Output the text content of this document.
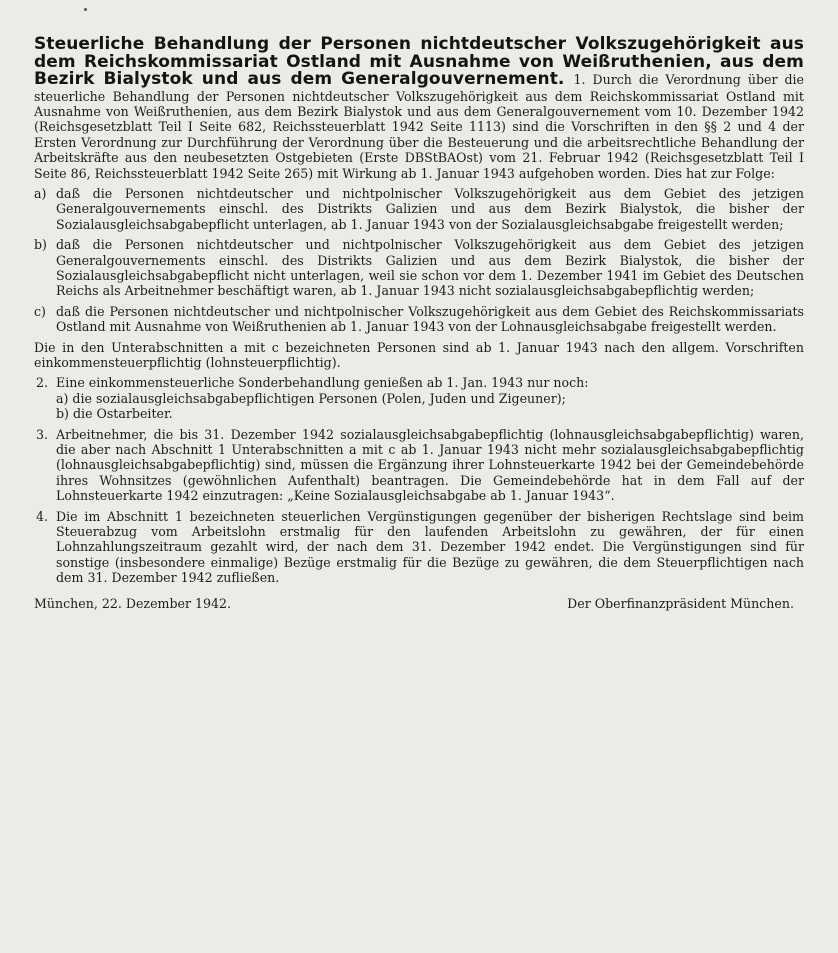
Steuerliche Behandlung der Personen nichtdeutscher Volkszugehörigkeit aus dem Reichskommissariat Ostland mit Ausnahme von Weißruthenien, aus dem Bezirk Bialystok und aus dem Generalgouvernement. 1. Durch die Verordnung über die steuerliche Behandlung der Personen nichtdeutscher Volkszugehörigkeit aus dem Reichskommissariat Ostland mit Ausnahme von Weißruthenien, aus dem Bezirk Bialystok und aus dem Generalgouvernement vom 10. Dezember 1942 (Reichsgesetzblatt Teil I Seite 682, Reichssteuerblatt 1942 Seite 1113) sind die Vorschriften in den §§ 2 und 4 der Ersten Verordnung zur Durchführung der Verordnung über die Besteuerung und die arbeitsrechtliche Behandlung der Arbeitskräfte aus den neubesetzten Ostgebieten (Erste DBStBAOst) vom 21. Februar 1942 (Reichsgesetzblatt Teil I Seite 86, Reichssteuerblatt 1942 Seite 265) mit Wirkung ab 1. Januar 1943 aufgehoben worden. Dies hat zur Folge:

a) daß die Personen nichtdeutscher und nichtpolnischer Volkszugehörigkeit aus dem Gebiet des jetzigen Generalgouvernements einschl. des Distrikts Galizien und aus dem Bezirk Bialystok, die bisher der Sozialausgleichsabgabepflicht unterlagen, ab 1. Januar 1943 von der Sozialausgleichsabgabe freigestellt werden;
b) daß die Personen nichtdeutscher und nichtpolnischer Volkszugehörigkeit aus dem Gebiet des jetzigen Generalgouvernements einschl. des Distrikts Galizien und aus dem Bezirk Bialystok, die bisher der Sozialausgleichsabgabepflicht nicht unterlagen, weil sie schon vor dem 1. Dezember 1941 im Gebiet des Deutschen Reichs als Arbeitnehmer beschäftigt waren, ab 1. Januar 1943 nicht sozialausgleichsabgabepflichtig werden;
c) daß die Personen nichtdeutscher und nichtpolnischer Volkszugehörigkeit aus dem Gebiet des Reichskommissariats Ostland mit Ausnahme von Weißruthenien ab 1. Januar 1943 von der Lohnausgleichsabgabe freigestellt werden.

Die in den Unterabschnitten a mit c bezeichneten Personen sind ab 1. Januar 1943 nach den allgem. Vorschriften einkommensteuerpflichtig (lohnsteuerpflichtig).

2. Eine einkommensteuerliche Sonderbehandlung genießen ab 1. Jan. 1943 nur noch:
a) die sozialausgleichsabgabepflichtigen Personen (Polen, Juden und Zigeuner);
b) die Ostarbeiter.
3. Arbeitnehmer, die bis 31. Dezember 1942 sozialausgleichsabgabepflichtig (lohnausgleichsabgabepflichtig) waren, die aber nach Abschnitt 1 Unterabschnitten a mit c ab 1. Januar 1943 nicht mehr sozialausgleichsabgabepflichtig (lohnausgleichsabgabepflichtig) sind, müssen die Ergänzung ihrer Lohnsteuerkarte 1942 bei der Gemeindebehörde ihres Wohnsitzes (gewöhnlichen Aufenthalt) beantragen. Die Gemeindebehörde hat in dem Fall auf der Lohnsteuerkarte 1942 einzutragen: „Keine Sozialausgleichsabgabe ab 1. Januar 1943“.
4. Die im Abschnitt 1 bezeichneten steuerlichen Vergünstigungen gegenüber der bisherigen Rechtslage sind beim Steuerabzug vom Arbeitslohn erstmalig für den laufenden Arbeitslohn zu gewähren, der für einen Lohnzahlungszeitraum gezahlt wird, der nach dem 31. Dezember 1942 endet. Die Vergünstigungen sind für sonstige (insbesondere einmalige) Bezüge erstmalig für die Bezüge zu gewähren, die dem Steuerpflichtigen nach dem 31. Dezember 1942 zufließen.
München, 22. Dezember 1942.	Der Oberfinanzpräsident München.
